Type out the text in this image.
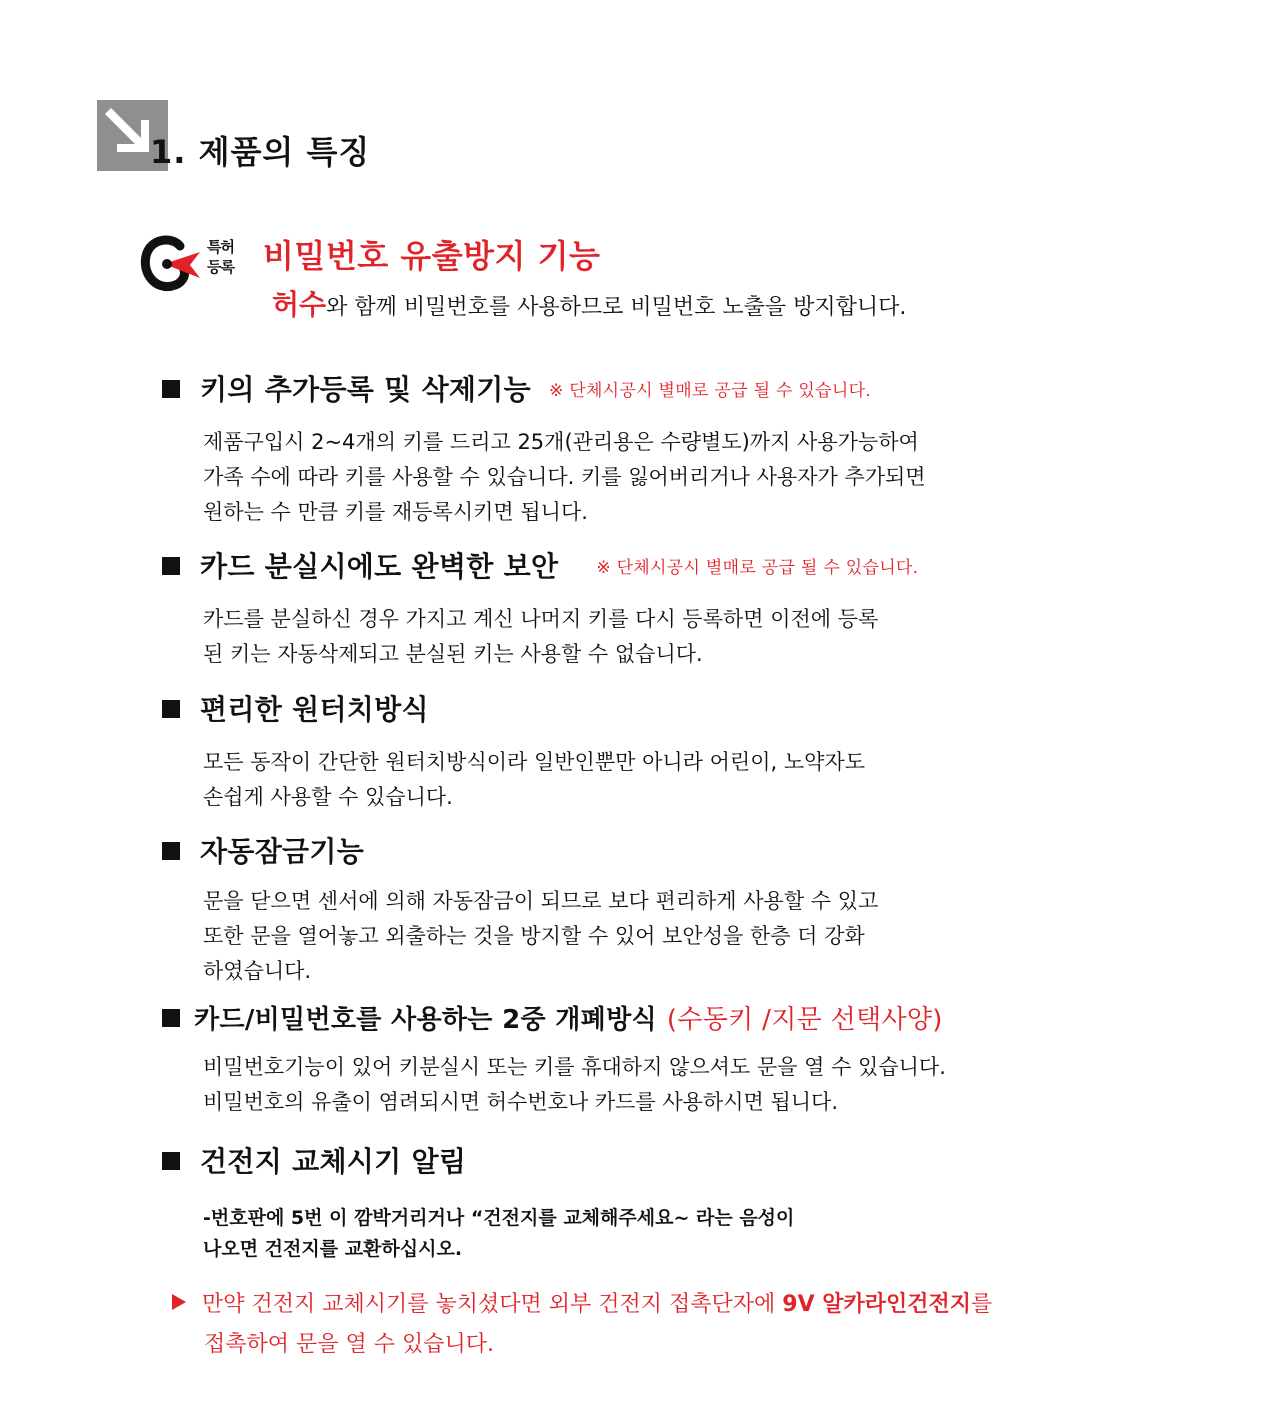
1. 제품의 특징
특허
등록 비밀번호 유출방지 기능
허수와 함께 비밀번호를 사용하므로 비밀번호 노출을 방지합니다.
키의 추가등록 및 삭제기능 ※ 단체시공시 별매로 공급 될 수 있습니다.
제품구입시 2~4개의 키를 드리고 25개(관리용은 수량별도)까지 사용가능하여
가족 수에 따라 키를 사용할 수 있습니다. 키를 잃어버리거나 사용자가 추가되면
원하는 수 만큼 키를 재등록시키면 됩니다.
카드 분실시에도 완벽한 보안 ※ 단체시공시 별매로 공급 될 수 있습니다.
카드를 분실하신 경우 가지고 계신 나머지 키를 다시 등록하면 이전에 등록
된 키는 자동삭제되고 분실된 키는 사용할 수 없습니다.
편리한 원터치방식
모든 동작이 간단한 원터치방식이라 일반인뿐만 아니라 어린이, 노약자도
손쉽게 사용할 수 있습니다.
자동잠금기능
문을 닫으면 센서에 의해 자동잠금이 되므로 보다 편리하게 사용할 수 있고
또한 문을 열어놓고 외출하는 것을 방지할 수 있어 보안성을 한층 더 강화
하였습니다.
카드/비밀번호를 사용하는 2중 개폐방식 (수동키 /지문 선택사양)
비밀번호기능이 있어 키분실시 또는 키를 휴대하지 않으셔도 문을 열 수 있습니다.
비밀번호의 유출이 염려되시면 허수번호나 카드를 사용하시면 됩니다.
건전지 교체시기 알림
-번호판에 5번 이 깜박거리거나 “건전지를 교체해주세요~ 라는 음성이
나오면 건전지를 교환하십시오.
만약 건전지 교체시기를 놓치셨다면 외부 건전지 접촉단자에 9V 알카라인건전지를
접촉하여 문을 열 수 있습니다.
